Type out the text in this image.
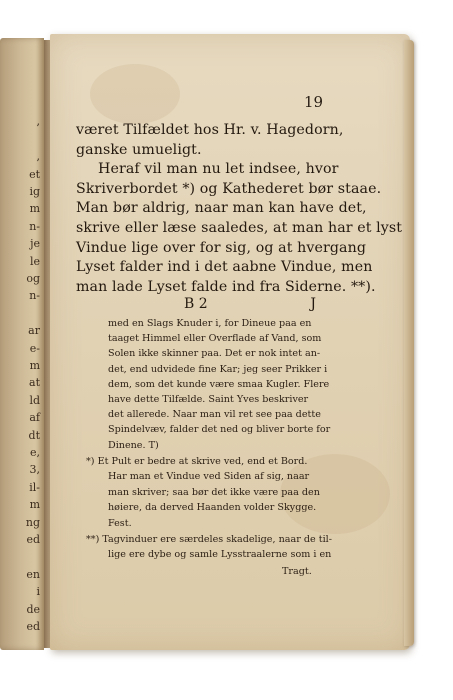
,
,
et
ig
m
n-
je
le
og
n-
ar
e-
m
at
ld
af
dt
e,
3,
il-
m
ng
ed
en
i
de
ed
19
været Tilfældet hos Hr. v. Hagedorn,
ganske umueligt.
Heraf vil man nu let indsee, hvor
Skriverbordet *) og Kathederet bør staae.
Man bør aldrig, naar man kan have det,
skrive eller læse saaledes, at man har et lyst
Vindue lige over for sig, og at hvergang
Lyset falder ind i det aabne Vindue, men
man lade Lyset falde ind fra Siderne. **).
B 2	J
med en Slags Knuder i, for Dineue paa en
taaget Himmel eller Overflade af Vand, som
Solen ikke skinner paa. Det er nok intet an-
det, end udvidede fine Kar; jeg seer Prikker i
dem, som det kunde være smaa Kugler. Flere
have dette Tilfælde. Saint Yves beskriver
det allerede. Naar man vil ret see paa dette
Spindelvæv, falder det ned og bliver borte for
Dinene. T)
*) Et Pult er bedre at skrive ved, end et Bord.
Har man et Vindue ved Siden af sig, naar
man skriver; saa bør det ikke være paa den
høiere, da derved Haanden volder Skygge.
Fest.
**) Tagvinduer ere særdeles skadelige, naar de til-
lige ere dybe og samle Lysstraalerne som i en
Tragt.
